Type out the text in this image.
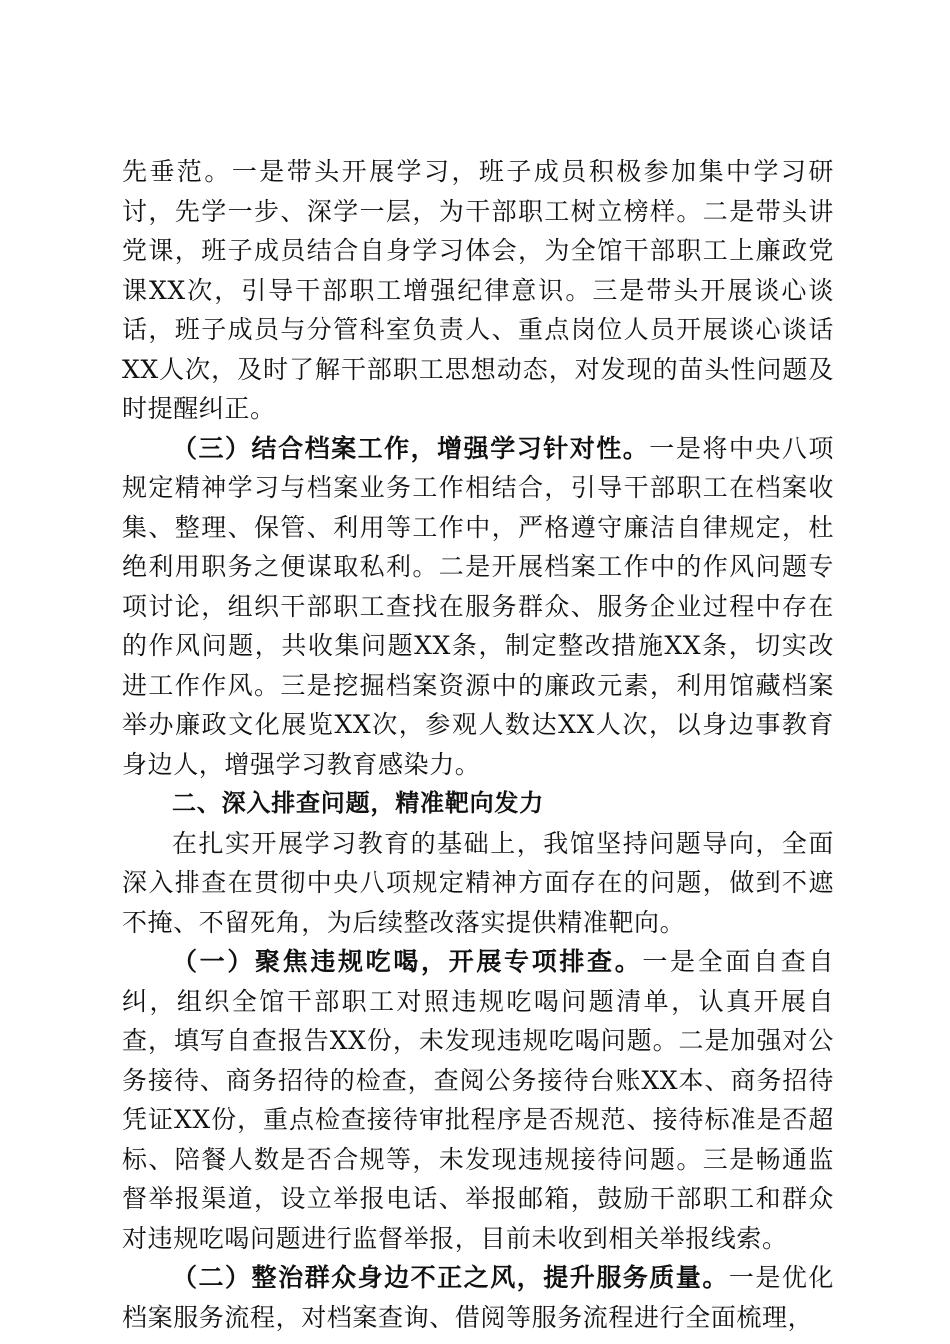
先垂范。一是带头开展学习，班子成员积极参加集中学习研讨，先学一步、深学一层，为干部职工树立榜样。二是带头讲党课，班子成员结合自身学习体会，为全馆干部职工上廉政党课XX次，引导干部职工增强纪律意识。三是带头开展谈心谈话，班子成员与分管科室负责人、重点岗位人员开展谈心谈话XX人次，及时了解干部职工思想动态，对发现的苗头性问题及时提醒纠正。

（三）结合档案工作，增强学习针对性。一是将中央八项规定精神学习与档案业务工作相结合，引导干部职工在档案收集、整理、保管、利用等工作中，严格遵守廉洁自律规定，杜绝利用职务之便谋取私利。二是开展档案工作中的作风问题专项讨论，组织干部职工查找在服务群众、服务企业过程中存在的作风问题，共收集问题XX条，制定整改措施XX条，切实改进工作作风。三是挖掘档案资源中的廉政元素，利用馆藏档案举办廉政文化展览XX次，参观人数达XX人次，以身边事教育身边人，增强学习教育感染力。

二、深入排查问题，精准靶向发力

在扎实开展学习教育的基础上，我馆坚持问题导向，全面深入排查在贯彻中央八项规定精神方面存在的问题，做到不遮不掩、不留死角，为后续整改落实提供精准靶向。

（一）聚焦违规吃喝，开展专项排查。一是全面自查自纠，组织全馆干部职工对照违规吃喝问题清单，认真开展自查，填写自查报告XX份，未发现违规吃喝问题。二是加强对公务接待、商务招待的检查，查阅公务接待台账XX本、商务招待凭证XX份，重点检查接待审批程序是否规范、接待标准是否超标、陪餐人数是否合规等，未发现违规接待问题。三是畅通监督举报渠道，设立举报电话、举报邮箱，鼓励干部职工和群众对违规吃喝问题进行监督举报，目前未收到相关举报线索。

（二）整治群众身边不正之风，提升服务质量。一是优化档案服务流程，对档案查询、借阅等服务流程进行全面梳理，
